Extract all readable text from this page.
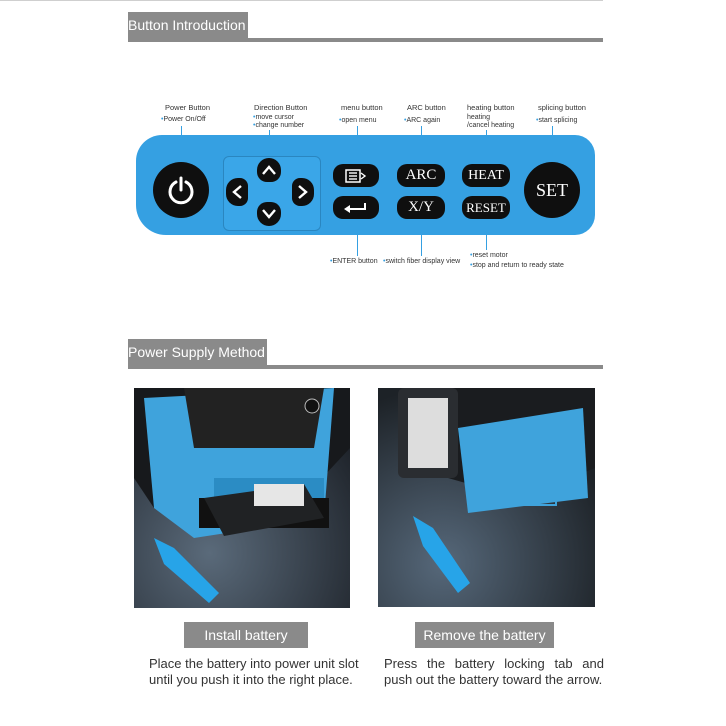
Button Introduction
Power Button
•Power On/Off
Direction Button
•move cursor
•change number
menu button
•open menu
ARC button
•ARC again
heating button
heating
/cancel heating
splicing button
•start splicing
ARC
X/Y
HEAT
RESET
SET
•ENTER button •switch fiber display view
•reset motor
•stop and return to ready state
Power Supply Method
Install battery	Remove the battery
Place the battery into power unit slot until you push it into the right place.
Press the battery locking tab and push out the battery toward the arrow.
